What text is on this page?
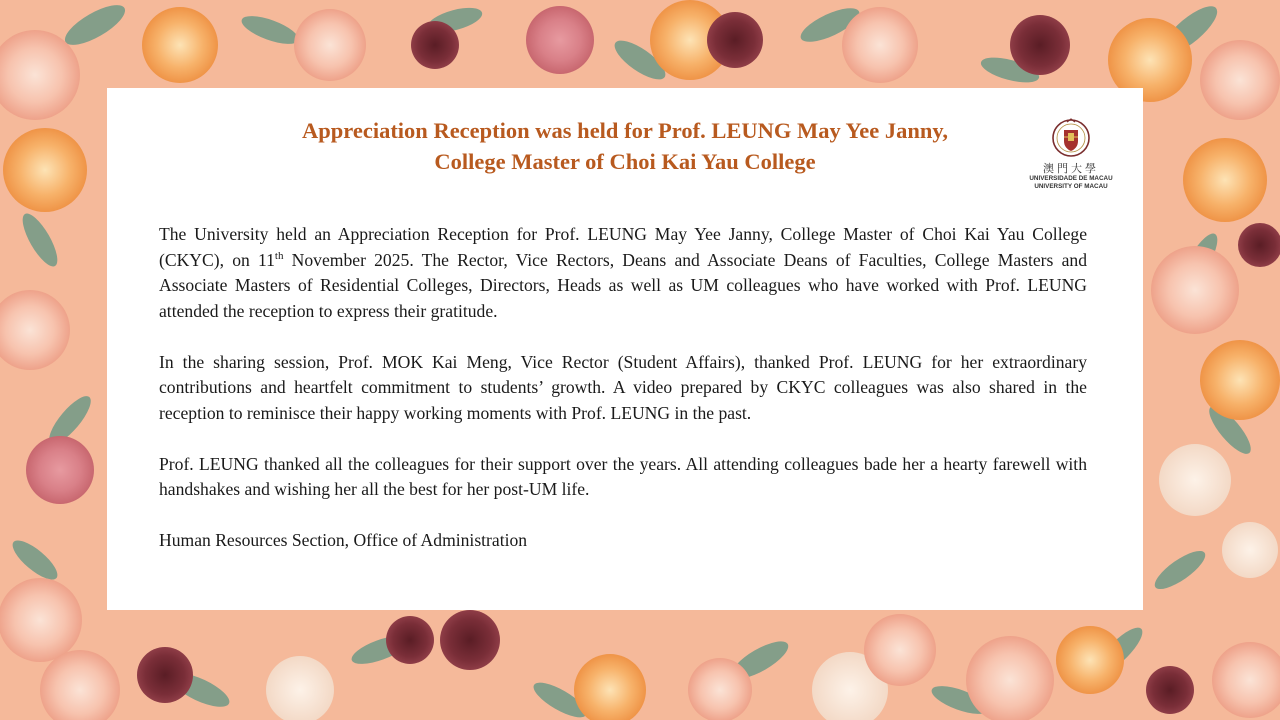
Appreciation Reception was held for Prof. LEUNG May Yee Janny,
College Master of Choi Kai Yau College	澳門大學
UNIVERSIDADE DE MACAU
UNIVERSITY OF MACAU

The University held an Appreciation Reception for Prof. LEUNG May Yee Janny, College Master of Choi Kai Yau College (CKYC), on 11th November 2025. The Rector, Vice Rectors, Deans and Associate Deans of Faculties, College Masters and Associate Masters of Residential Colleges, Directors, Heads as well as UM colleagues who have worked with Prof. LEUNG attended the reception to express their gratitude.

In the sharing session, Prof. MOK Kai Meng, Vice Rector (Student Affairs), thanked Prof. LEUNG for her extraordinary contributions and heartfelt commitment to students’ growth. A video prepared by CKYC colleagues was also shared in the reception to reminisce their happy working moments with Prof. LEUNG in the past.

Prof. LEUNG thanked all the colleagues for their support over the years. All attending colleagues bade her a hearty farewell with handshakes and wishing her all the best for her post-UM life.

Human Resources Section, Office of Administration
